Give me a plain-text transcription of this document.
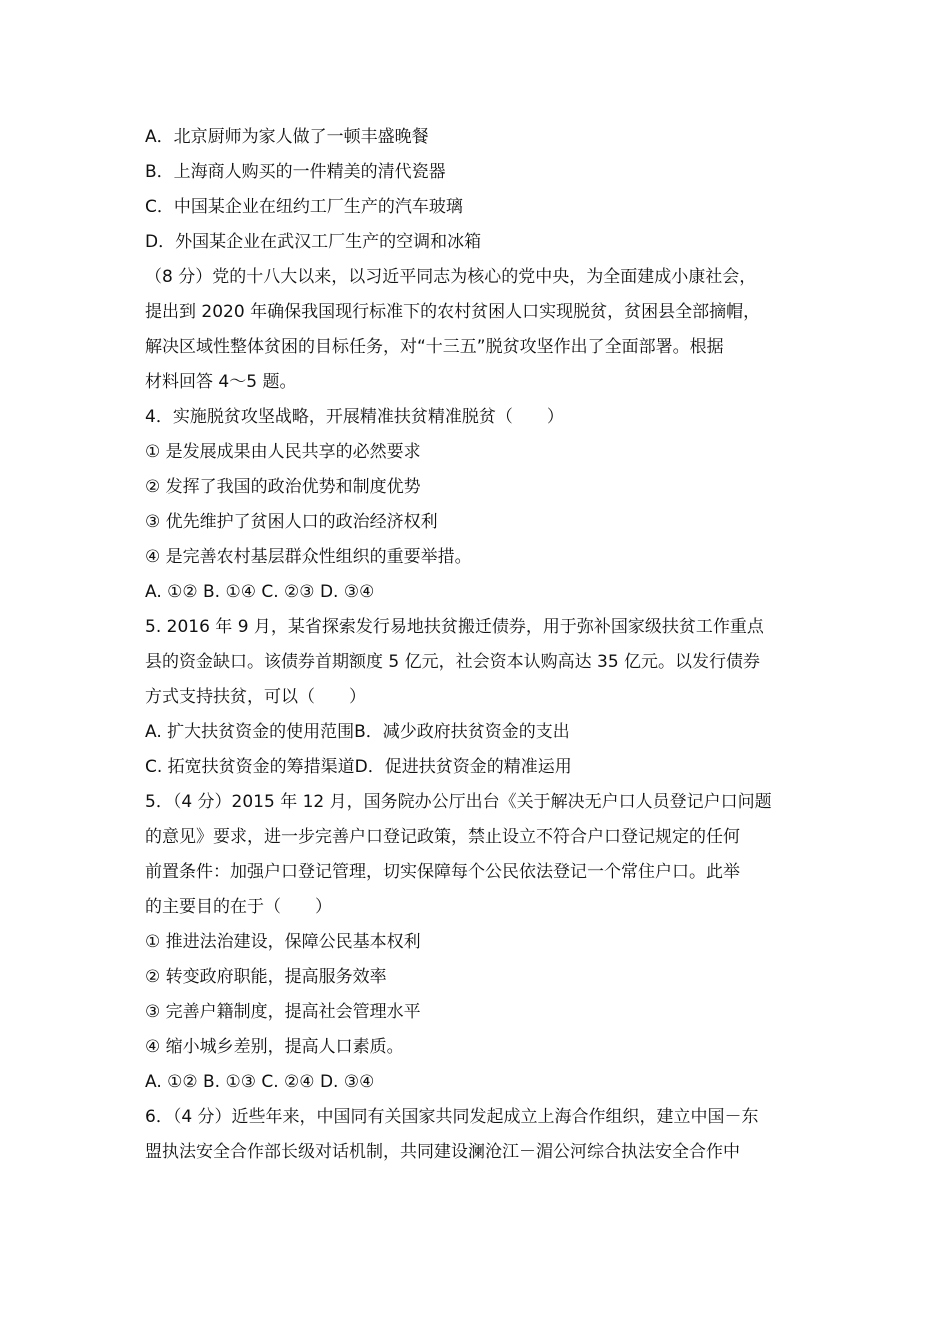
A．北京厨师为家人做了一顿丰盛晚餐
B．上海商人购买的一件精美的清代瓷器
C．中国某企业在纽约工厂生产的汽车玻璃
D．外国某企业在武汉工厂生产的空调和冰箱
（8 分）党的十八大以来，以习近平同志为核心的党中央，为全面建成小康社会，
提出到 2020 年确保我国现行标准下的农村贫困人口实现脱贫，贫困县全部摘帽，
解决区域性整体贫困的目标任务，对“十三五”脱贫攻坚作出了全面部署。根据
材料回答 4～5 题。
4．实施脱贫攻坚战略，开展精准扶贫精准脱贫（　　）
① 是发展成果由人民共享的必然要求
② 发挥了我国的政治优势和制度优势
③ 优先维护了贫困人口的政治经济权利
④ 是完善农村基层群众性组织的重要举措。
A. ①② B. ①④ C. ②③ D. ③④
5. 2016 年 9 月，某省探索发行易地扶贫搬迁债券，用于弥补国家级扶贫工作重点
县的资金缺口。该债券首期额度 5 亿元，社会资本认购高达 35 亿元。以发行债券
方式支持扶贫，可以（　　）
A. 扩大扶贫资金的使用范围B．减少政府扶贫资金的支出
C. 拓宽扶贫资金的筹措渠道D．促进扶贫资金的精准运用
5．（4 分）2015 年 12 月，国务院办公厅出台《关于解决无户口人员登记户口问题
的意见》要求，进一步完善户口登记政策，禁止设立不符合户口登记规定的任何
前置条件：加强户口登记管理，切实保障每个公民依法登记一个常住户口。此举
的主要目的在于（　　）
① 推进法治建设，保障公民基本权利
② 转变政府职能，提高服务效率
③ 完善户籍制度，提高社会管理水平
④ 缩小城乡差别，提高人口素质。
A. ①② B. ①③ C. ②④ D. ③④
6．（4 分）近些年来，中国同有关国家共同发起成立上海合作组织，建立中国－东
盟执法安全合作部长级对话机制，共同建设澜沧江－湄公河综合执法安全合作中
